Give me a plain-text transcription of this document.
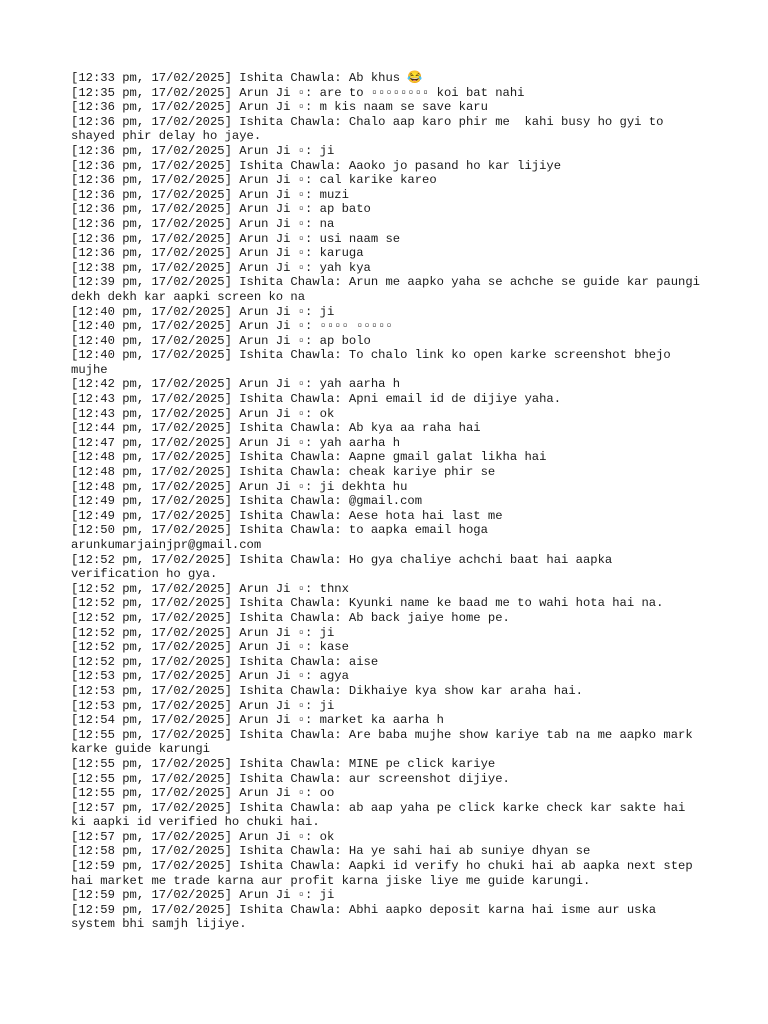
[12:33 pm, 17/02/2025] Ishita Chawla: Ab khus 😂
[12:35 pm, 17/02/2025] Arun Ji ▫: are to ▫▫▫▫▫▫▫▫ koi bat nahi
[12:36 pm, 17/02/2025] Arun Ji ▫: m kis naam se save karu
[12:36 pm, 17/02/2025] Ishita Chawla: Chalo aap karo phir me  kahi busy ho gyi to shayed phir delay ho jaye.
[12:36 pm, 17/02/2025] Arun Ji ▫: ji
[12:36 pm, 17/02/2025] Ishita Chawla: Aaoko jo pasand ho kar lijiye
[12:36 pm, 17/02/2025] Arun Ji ▫: cal karike kareo
[12:36 pm, 17/02/2025] Arun Ji ▫: muzi
[12:36 pm, 17/02/2025] Arun Ji ▫: ap bato
[12:36 pm, 17/02/2025] Arun Ji ▫: na
[12:36 pm, 17/02/2025] Arun Ji ▫: usi naam se
[12:36 pm, 17/02/2025] Arun Ji ▫: karuga
[12:38 pm, 17/02/2025] Arun Ji ▫: yah kya
[12:39 pm, 17/02/2025] Ishita Chawla: Arun me aapko yaha se achche se guide kar paungi dekh dekh kar aapki screen ko na
[12:40 pm, 17/02/2025] Arun Ji ▫: ji
[12:40 pm, 17/02/2025] Arun Ji ▫: ▫▫▫▫ ▫▫▫▫▫
[12:40 pm, 17/02/2025] Arun Ji ▫: ap bolo
[12:40 pm, 17/02/2025] Ishita Chawla: To chalo link ko open karke screenshot bhejo mujhe
[12:42 pm, 17/02/2025] Arun Ji ▫: yah aarha h
[12:43 pm, 17/02/2025] Ishita Chawla: Apni email id de dijiye yaha.
[12:43 pm, 17/02/2025] Arun Ji ▫: ok
[12:44 pm, 17/02/2025] Ishita Chawla: Ab kya aa raha hai
[12:47 pm, 17/02/2025] Arun Ji ▫: yah aarha h
[12:48 pm, 17/02/2025] Ishita Chawla: Aapne gmail galat likha hai
[12:48 pm, 17/02/2025] Ishita Chawla: cheak kariye phir se
[12:48 pm, 17/02/2025] Arun Ji ▫: ji dekhta hu
[12:49 pm, 17/02/2025] Ishita Chawla: @gmail.com
[12:49 pm, 17/02/2025] Ishita Chawla: Aese hota hai last me
[12:50 pm, 17/02/2025] Ishita Chawla: to aapka email hoga
arunkumarjainjpr@gmail.com
[12:52 pm, 17/02/2025] Ishita Chawla: Ho gya chaliye achchi baat hai aapka verification ho gya.
[12:52 pm, 17/02/2025] Arun Ji ▫: thnx
[12:52 pm, 17/02/2025] Ishita Chawla: Kyunki name ke baad me to wahi hota hai na.
[12:52 pm, 17/02/2025] Ishita Chawla: Ab back jaiye home pe.
[12:52 pm, 17/02/2025] Arun Ji ▫: ji
[12:52 pm, 17/02/2025] Arun Ji ▫: kase
[12:52 pm, 17/02/2025] Ishita Chawla: aise
[12:53 pm, 17/02/2025] Arun Ji ▫: agya
[12:53 pm, 17/02/2025] Ishita Chawla: Dikhaiye kya show kar araha hai.
[12:53 pm, 17/02/2025] Arun Ji ▫: ji
[12:54 pm, 17/02/2025] Arun Ji ▫: market ka aarha h
[12:55 pm, 17/02/2025] Ishita Chawla: Are baba mujhe show kariye tab na me aapko mark karke guide karungi
[12:55 pm, 17/02/2025] Ishita Chawla: MINE pe click kariye
[12:55 pm, 17/02/2025] Ishita Chawla: aur screenshot dijiye.
[12:55 pm, 17/02/2025] Arun Ji ▫: oo
[12:57 pm, 17/02/2025] Ishita Chawla: ab aap yaha pe click karke check kar sakte hai ki aapki id verified ho chuki hai.
[12:57 pm, 17/02/2025] Arun Ji ▫: ok
[12:58 pm, 17/02/2025] Ishita Chawla: Ha ye sahi hai ab suniye dhyan se
[12:59 pm, 17/02/2025] Ishita Chawla: Aapki id verify ho chuki hai ab aapka next step hai market me trade karna aur profit karna jiske liye me guide karungi.
[12:59 pm, 17/02/2025] Arun Ji ▫: ji
[12:59 pm, 17/02/2025] Ishita Chawla: Abhi aapko deposit karna hai isme aur uska system bhi samjh lijiye.
